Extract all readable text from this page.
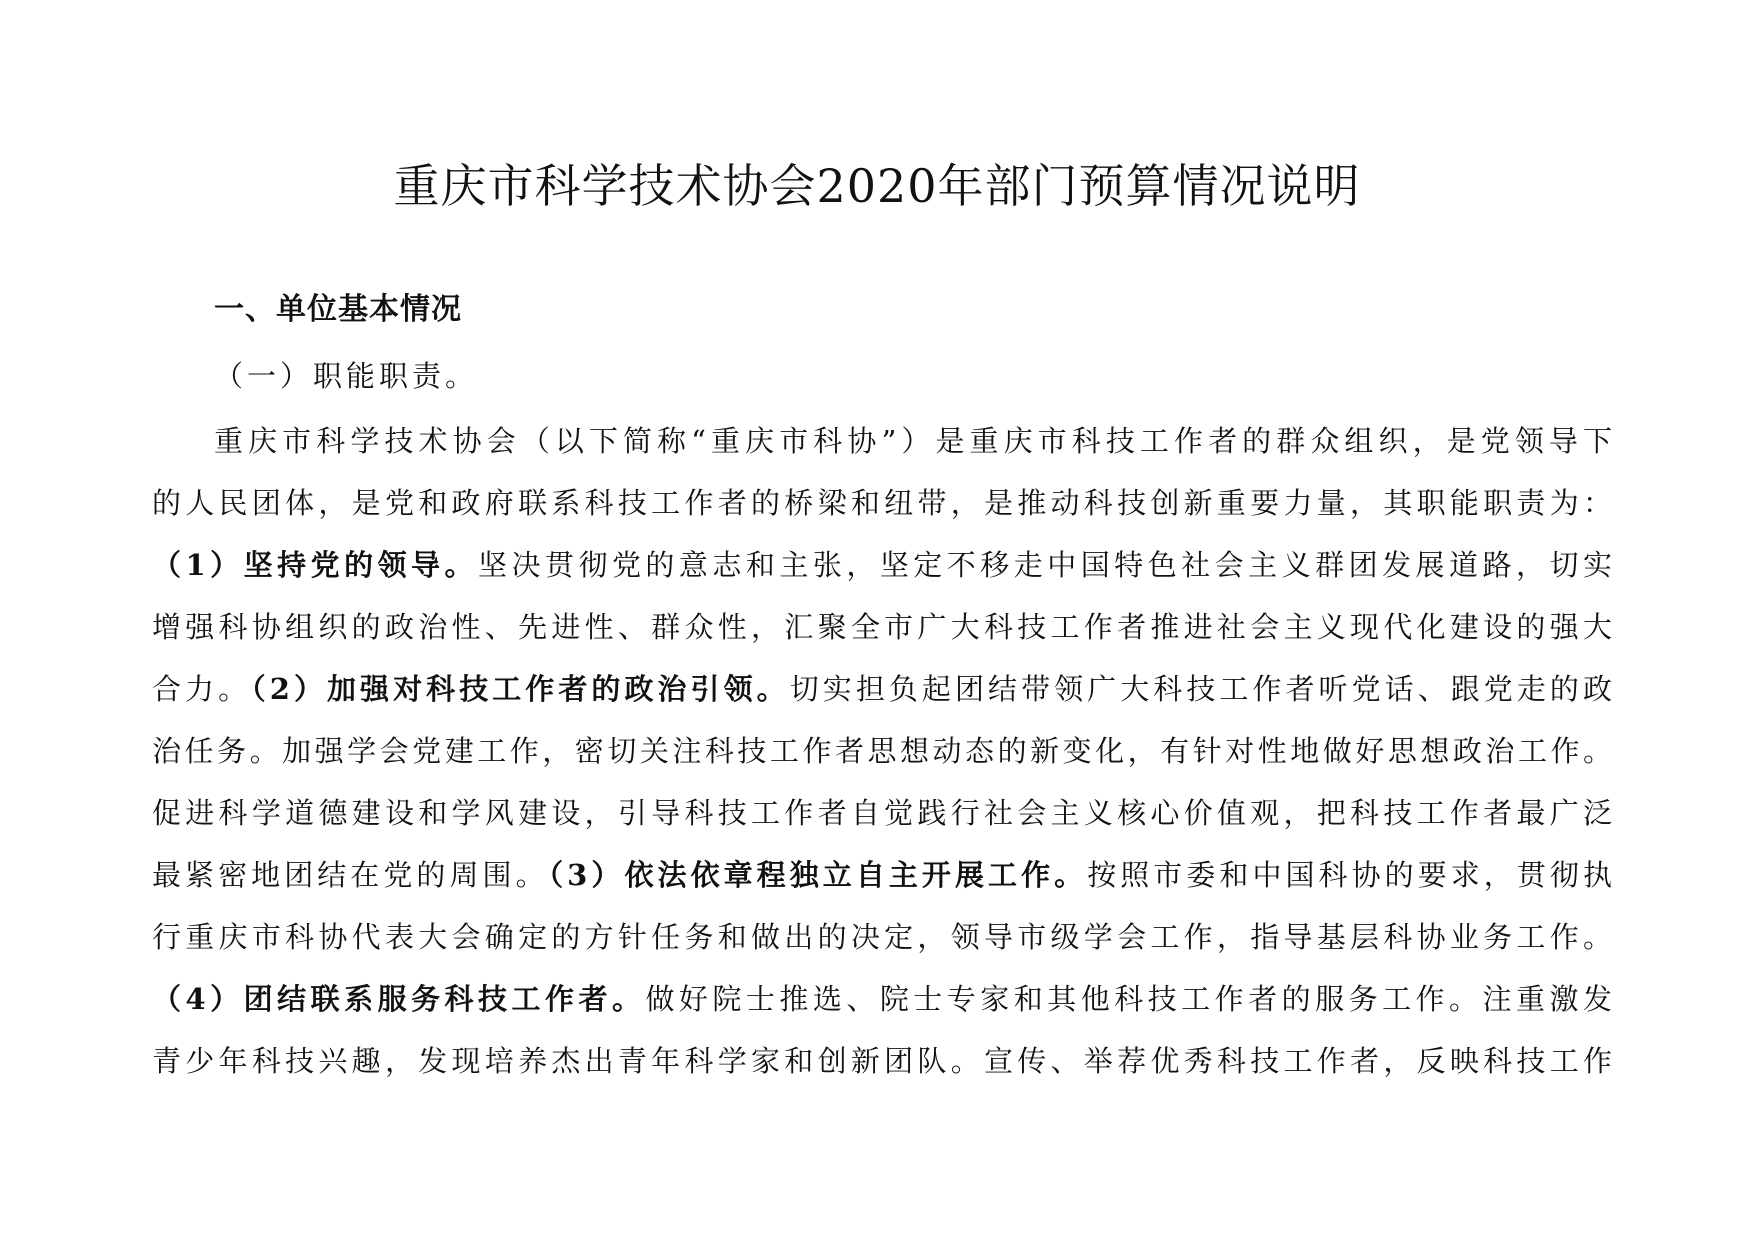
重庆市科学技术协会2020年部门预算情况说明
一、单位基本情况
（一）职能职责。
重庆市科学技术协会（以下简称“重庆市科协”）是重庆市科技工作者的群众组织，是党领导下
的人民团体，是党和政府联系科技工作者的桥梁和纽带，是推动科技创新重要力量，其职能职责为：
（1）坚持党的领导。坚决贯彻党的意志和主张，坚定不移走中国特色社会主义群团发展道路，切实
增强科协组织的政治性、先进性、群众性，汇聚全市广大科技工作者推进社会主义现代化建设的强大
合力。（2）加强对科技工作者的政治引领。切实担负起团结带领广大科技工作者听党话、跟党走的政
治任务。加强学会党建工作，密切关注科技工作者思想动态的新变化，有针对性地做好思想政治工作。
促进科学道德建设和学风建设，引导科技工作者自觉践行社会主义核心价值观，把科技工作者最广泛
最紧密地团结在党的周围。（3）依法依章程独立自主开展工作。按照市委和中国科协的要求，贯彻执
行重庆市科协代表大会确定的方针任务和做出的决定，领导市级学会工作，指导基层科协业务工作。
（4）团结联系服务科技工作者。做好院士推选、院士专家和其他科技工作者的服务工作。注重激发
青少年科技兴趣，发现培养杰出青年科学家和创新团队。宣传、举荐优秀科技工作者，反映科技工作
